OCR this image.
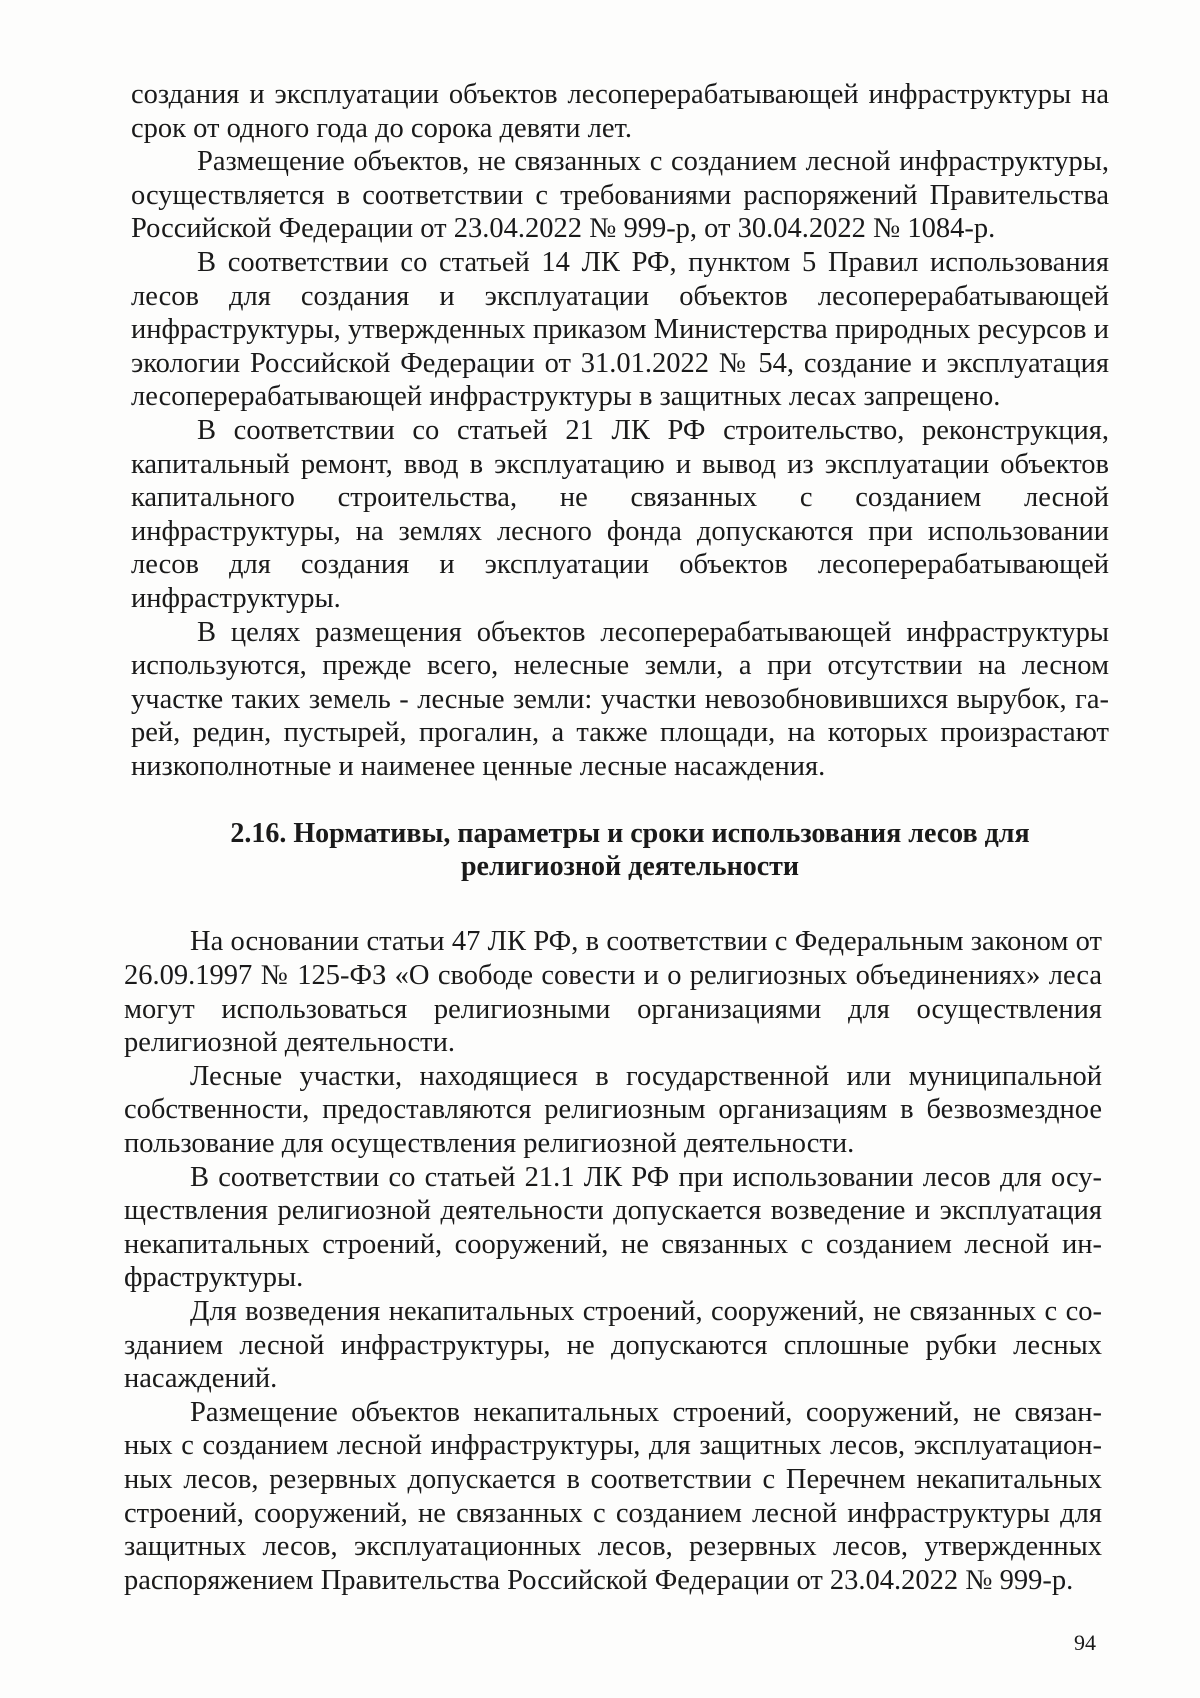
создания и эксплуатации объектов лесоперерабатывающей инфраструктуры на срок от одного года до сорока девяти лет.

Размещение объектов, не связанных с созданием лесной инфраструктуры, осуществляется в соответствии с требованиями распоряжений Правительства Российской Федерации от 23.04.2022 № 999-р, от 30.04.2022 № 1084-р.

В соответствии со статьей 14 ЛК РФ, пунктом 5 Правил использования лесов для создания и эксплуатации объектов лесоперерабатывающей инфраструктуры, утвержденных приказом Министерства природных ресурсов и экологии Российской Федерации от 31.01.2022 № 54, создание и эксплуатация лесоперерабатывающей инфраструктуры в защитных лесах запрещено.

В соответствии со статьей 21 ЛК РФ строительство, реконструкция, капитальный ремонт, ввод в эксплуатацию и вывод из эксплуатации объектов капитального строительства, не связанных с созданием лесной инфраструктуры, на землях лесного фонда допускаются при использовании лесов для создания и эксплуатации объектов лесоперерабатывающей инфраструктуры.

В целях размещения объектов лесоперерабатывающей инфраструктуры используются, прежде всего, нелесные земли, а при отсутствии на лесном участке таких земель - лесные земли: участки невозобновившихся вырубок, гарей, редин, пустырей, прогалин, а также площади, на которых произрастают низкополнотные и наименее ценные лесные насаждения.

2.16. Нормативы, параметры и сроки использования лесов для
религиозной деятельности

На основании статьи 47 ЛК РФ, в соответствии с Федеральным законом от 26.09.1997 № 125-ФЗ «О свободе совести и о религиозных объединениях» леса могут использоваться религиозными организациями для осуществления религиозной деятельности.

Лесные участки, находящиеся в государственной или муниципальной собственности, предоставляются религиозным организациям в безвозмездное пользование для осуществления религиозной деятельности.

В соответствии со статьей 21.1 ЛК РФ при использовании лесов для осуществления религиозной деятельности допускается возведение и эксплуатация некапитальных строений, сооружений, не связанных с созданием лесной инфраструктуры.

Для возведения некапитальных строений, сооружений, не связанных с созданием лесной инфраструктуры, не допускаются сплошные рубки лесных насаждений.

Размещение объектов некапитальных строений, сооружений, не связанных с созданием лесной инфраструктуры, для защитных лесов, эксплуатационных лесов, резервных допускается в соответствии с Перечнем некапитальных строений, сооружений, не связанных с созданием лесной инфраструктуры для защитных лесов, эксплуатационных лесов, резервных лесов, утвержденных распоряжением Правительства Российской Федерации от 23.04.2022 № 999-р.

94
